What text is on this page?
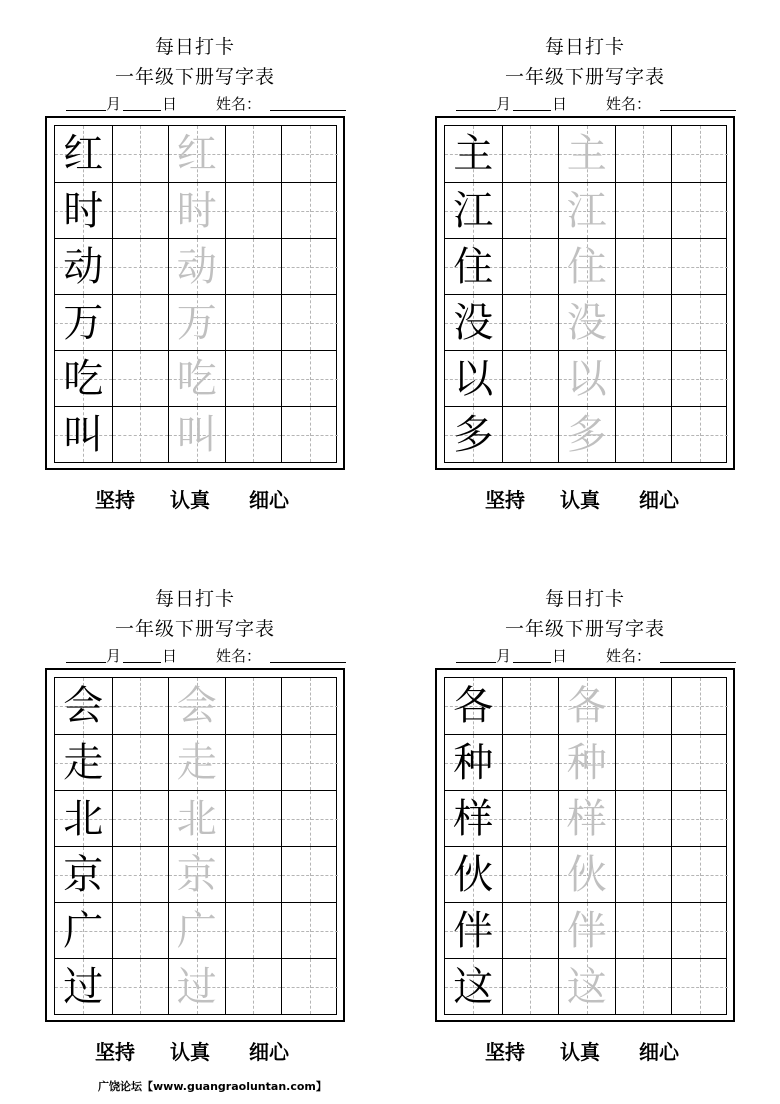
每日打卡
一年级下册写字表
月	日	姓名：
红 红
时 时
动 动
万 万
吃 吃
叫 叫
坚持 认真 细心
每日打卡
一年级下册写字表
月	日	姓名：
主 主
江 江
住 住
没 没
以 以
多 多
坚持 认真 细心
每日打卡
一年级下册写字表
月	日	姓名：
会 会
走 走
北 北
京 京
广 广
过 过
坚持 认真 细心
每日打卡
一年级下册写字表
月	日	姓名：
各 各
种 种
样 样
伙 伙
伴 伴
这 这
坚持 认真 细心
广饶论坛【www.guangraoluntan.com】
